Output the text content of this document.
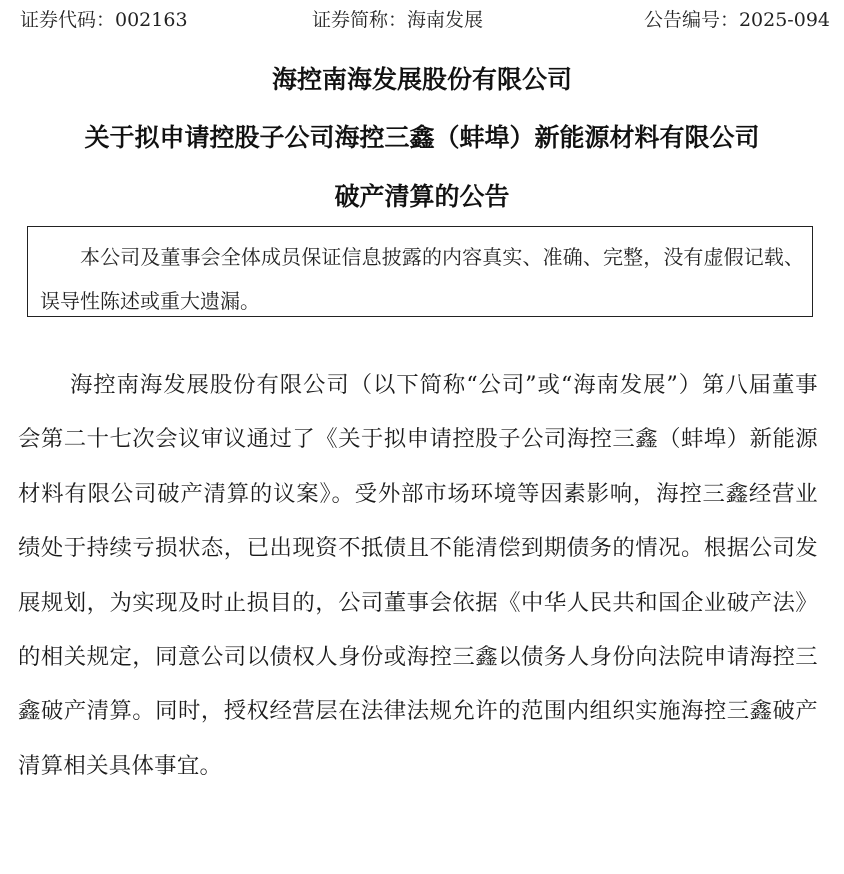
证券代码：002163	证券简称：海南发展	公告编号：2025-094
海控南海发展股份有限公司
关于拟申请控股子公司海控三鑫（蚌埠）新能源材料有限公司
破产清算的公告
本公司及董事会全体成员保证信息披露的内容真实、准确、完整，没有虚假记载、误导性陈述或重大遗漏。
海控南海发展股份有限公司（以下简称“公司”或“海南发展”）第八届董事会第二十七次会议审议通过了《关于拟申请控股子公司海控三鑫（蚌埠）新能源材料有限公司破产清算的议案》。受外部市场环境等因素影响，海控三鑫经营业绩处于持续亏损状态，已出现资不抵债且不能清偿到期债务的情况。根据公司发展规划，为实现及时止损目的，公司董事会依据《中华人民共和国企业破产法》的相关规定，同意公司以债权人身份或海控三鑫以债务人身份向法院申请海控三鑫破产清算。同时，授权经营层在法律法规允许的范围内组织实施海控三鑫破产清算相关具体事宜。
